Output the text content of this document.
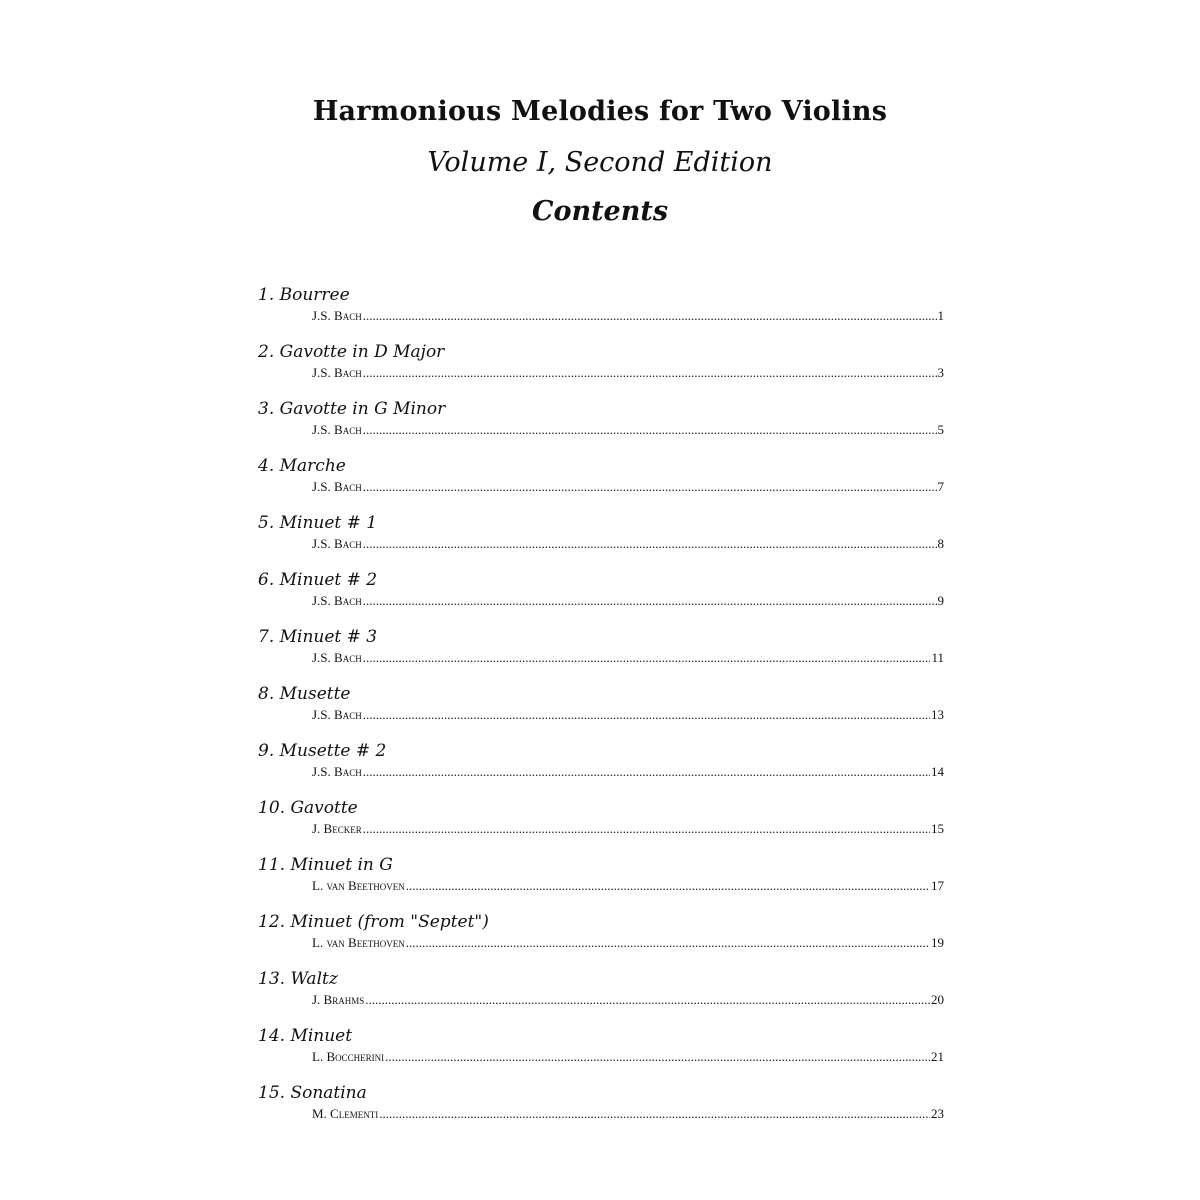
Harmonious Melodies for Two Violins
Volume I, Second Edition
Contents
1. Bourree
J.S. Bach .....	1
2. Gavotte in D Major
J.S. Bach .....	3
3. Gavotte in G Minor
J.S. Bach .....	5
4. Marche
J.S. Bach .....	7
5. Minuet # 1
J.S. Bach .....	8
6. Minuet # 2
J.S. Bach .....	9
7. Minuet # 3
J.S. Bach .....	11
8. Musette
J.S. Bach .....	13
9. Musette # 2
J.S. Bach .....	14
10. Gavotte
J. Becker .....	15
11. Minuet in G
L. van Beethoven .....	17
12. Minuet (from "Septet")
L. van Beethoven .....	19
13. Waltz
J. Brahms .....	20
14. Minuet
L. Boccherini .....	21
15. Sonatina
M. Clementi .....	23
